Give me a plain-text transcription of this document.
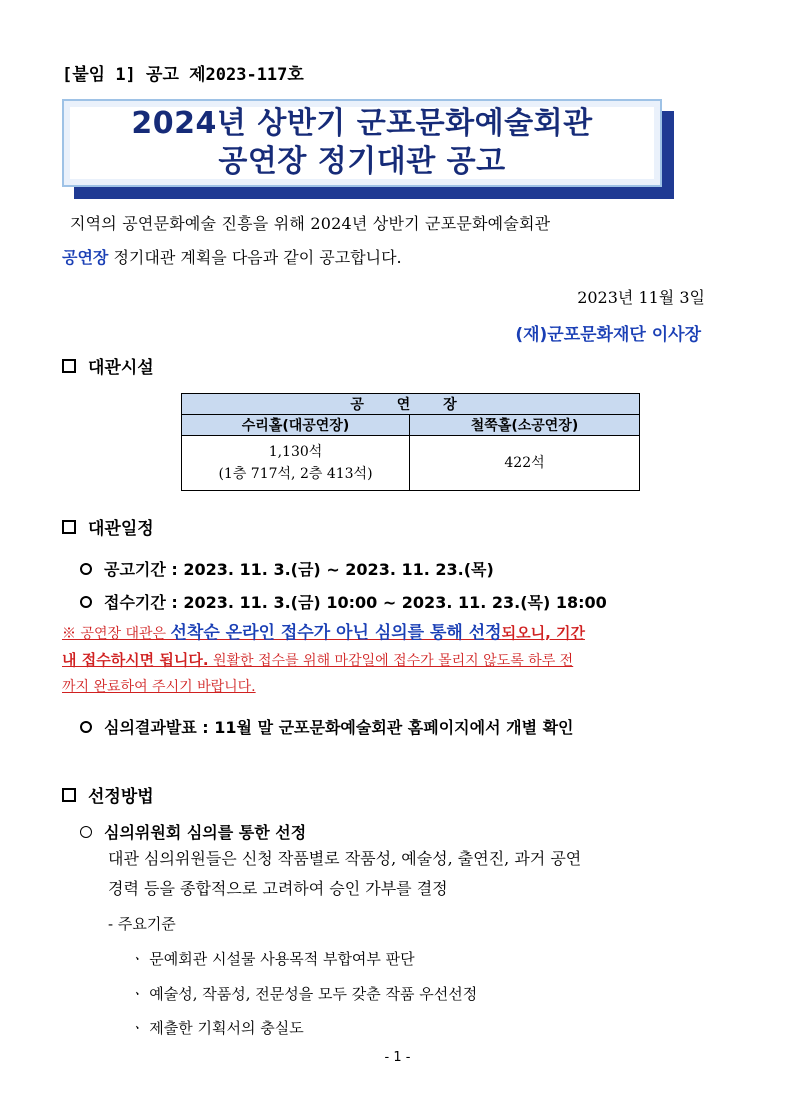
[붙임 1] 공고 제2023-117호
2024년 상반기 군포문화예술회관
공연장 정기대관 공고
지역의 공연문화예술 진흥을 위해 2024년 상반기 군포문화예술회관
공연장 정기대관 계획을 다음과 같이 공고합니다.
2023년 11월 3일
(재)군포문화재단 이사장
대관시설
공 연 장	
수리홀(대공연장)	철쭉홀(소공연장)

1,130석
(1층 717석, 2층 413석)	422석
대관일정
공고기간 : 2023. 11. 3.(금) ~ 2023. 11. 23.(목)
접수기간 : 2023. 11. 3.(금) 10:00 ~ 2023. 11. 23.(목) 18:00
※ 공연장 대관은 선착순 온라인 접수가 아닌 심의를 통해 선정되오니, 기간
내 접수하시면 됩니다. 원활한 접수를 위해 마감일에 접수가 몰리지 않도록 하루 전
까지 완료하여 주시기 바랍니다.
심의결과발표 : 11월 말 군포문화예술회관 홈페이지에서 개별 확인
선정방법
심의위원회 심의를 통한 선정
대관 심의위원들은 신청 작품별로 작품성, 예술성, 출연진, 과거 공연
경력 등을 종합적으로 고려하여 승인 가부를 결정
- 주요기준
ㆍ 문예회관 시설물 사용목적 부합여부 판단
ㆍ 예술성, 작품성, 전문성을 모두 갖춘 작품 우선선정
ㆍ 제출한 기획서의 충실도
- 1 -
